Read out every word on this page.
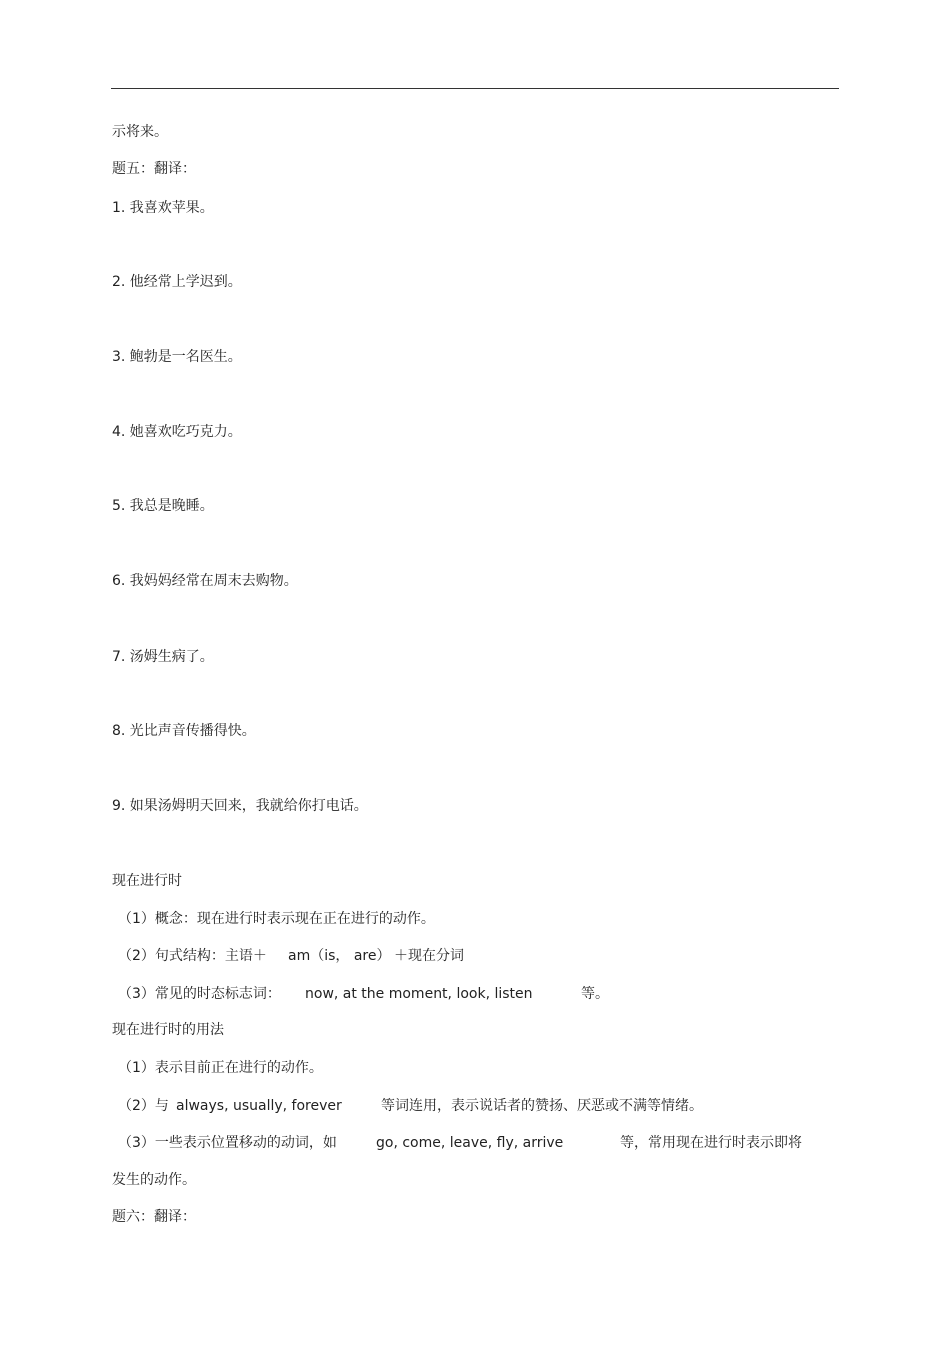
示将来。
题五：翻译：
1. 我喜欢苹果。
2. 他经常上学迟到。
3. 鲍勃是一名医生。
4. 她喜欢吃巧克力。
5. 我总是晚睡。
6. 我妈妈经常在周末去购物。
7. 汤姆生病了。
8. 光比声音传播得快。
9. 如果汤姆明天回来，我就给你打电话。
现在进行时
（1）概念：现在进行时表示现在正在进行的动作。
（2）句式结构：主语＋ am（is， are） ＋现在分词
（3）常见的时态标志词： now, at the moment, look, listen	等。
现在进行时的用法
（1）表示目前正在进行的动作。
（2）与 always, usually, forever	等词连用，表示说话者的赞扬、厌恶或不满等情绪。
（3）一些表示位置移动的动词，如	go, come, leave, fly, arrive	等，常用现在进行时表示即将
发生的动作。
题六：翻译：
